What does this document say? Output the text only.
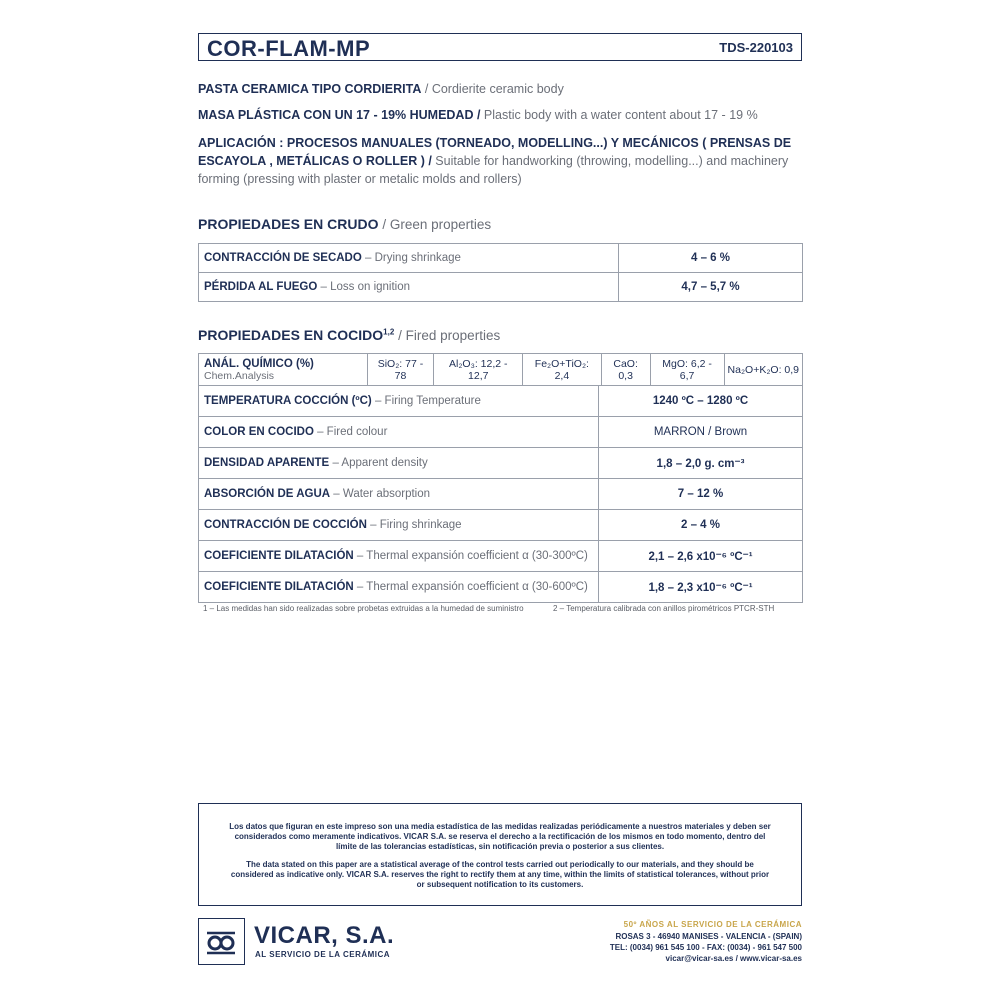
COR-FLAM-MP	TDS-220103
PASTA CERAMICA TIPO CORDIERITA / Cordierite ceramic body
MASA PLÁSTICA CON UN 17 - 19% HUMEDAD / Plastic body with a water content about 17 - 19 %
APLICACIÓN : PROCESOS MANUALES (TORNEADO, MODELLING...) Y MECÁNICOS ( PRENSAS DE ESCAYOLA , METÁLICAS O ROLLER ) / Suitable for handworking (throwing, modelling...) and machinery forming (pressing with plaster or metalic molds and rollers)
PROPIEDADES EN CRUDO / Green properties
CONTRACCIÓN DE SECADO – Drying shrinkage	4 – 6 %
PÉRDIDA AL FUEGO – Loss on ignition	4,7 – 5,7 %
PROPIEDADES EN COCIDO$^{1,2}$ / Fired properties
ANÁL. QUÍMICO (%) Chem.Analysis	SiO₂: 77 - 78	Al₂O₃: 12,2 - 12,7	Fe₂O+TiO₂: 2,4	CaO: 0,3	MgO: 6,2 - 6,7	Na₂O+K₂O: 0,9

TEMPERATURA COCCIÓN (ºC) – Firing Temperature	1240 ºC – 1280 ºC
COLOR EN COCIDO – Fired colour	MARRON / Brown
DENSIDAD APARENTE – Apparent density	1,8 – 2,0 g. cm⁻³
ABSORCIÓN DE AGUA – Water absorption	7 – 12 %
CONTRACCIÓN DE COCCIÓN – Firing shrinkage	2 – 4 %
COEFICIENTE DILATACIÓN – Thermal expansión coefficient α (30-300ºC)	2,1 – 2,6 x10⁻⁶ ºC⁻¹
COEFICIENTE DILATACIÓN – Thermal expansión coefficient α (30-600ºC)	1,8 – 2,3 x10⁻⁶ ºC⁻¹
1 – Las medidas han sido realizadas sobre probetas extruidas a la humedad de suministro	2 – Temperatura calibrada con anillos pirométricos PTCR-STH

Los datos que figuran en este impreso son una media estadística de las medidas realizadas periódicamente a nuestros materiales y deben ser considerados como meramente indicativos. VICAR S.A. se reserva el derecho a la rectificación de los mismos en todo momento, dentro del límite de las tolerancias estadísticas, sin notificación previa o posterior a sus clientes.

The data stated on this paper are a statistical average of the control tests carried out periodically to our materials, and they should be considered as indicative only. VICAR S.A. reserves the right to rectify them at any time, within the limits of statistical tolerances, without prior or subsequent notification to its customers.

VICAR, S.A.
AL SERVICIO DE LA CERÁMICA
50º AÑOS AL SERVICIO DE LA CERÁMICA
ROSAS 3 - 46940 MANISES - VALENCIA - (SPAIN)
TEL: (0034) 961 545 100 - FAX: (0034) - 961 547 500
vicar@vicar-sa.es / www.vicar-sa.es
